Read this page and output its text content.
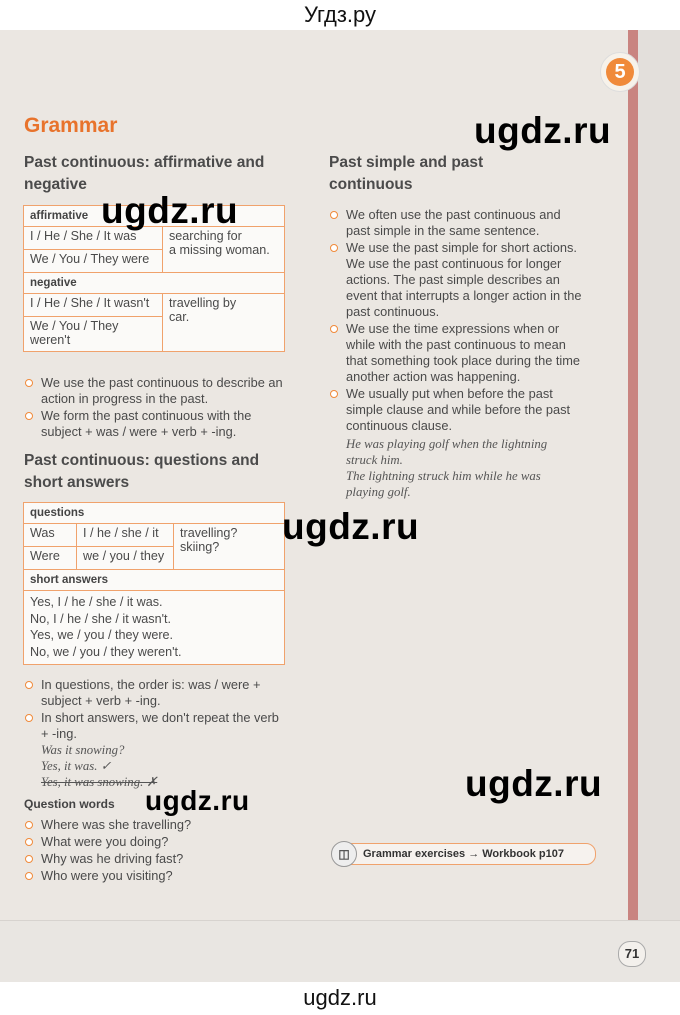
Угдз.ру
5
Grammar
Past continuous: affirmative and
negative
affirmative	
I / He / She / It was	searching for
a missing woman.

We / You / They were	
negative	
I / He / She / It wasn't	travelling by
car.

We / You / They
weren't	
We use the past continuous to describe an
action in progress in the past.
We form the past continuous with the
subject + was / were + verb + -ing.
Past continuous: questions and
short answers
questions		
Was	I / he / she / it	travelling?
skiing?

Were	we / you / they	
short answers		

Yes, I / he / she / it was.
No, I / he / she / it wasn't.
Yes, we / you / they were.
No, we / you / they weren't.		
In questions, the order is: was / were +
subject + verb + -ing.
In short answers, we don't repeat the verb
+ -ing.
Was it snowing?
Yes, it was. ✓
Yes, it was snowing. ✗
Question words
Where was she travelling?
What were you doing?
Why was he driving fast?
Who were you visiting?
Past simple and past
continuous
We often use the past continuous and
past simple in the same sentence.
We use the past simple for short actions.
We use the past continuous for longer
actions. The past simple describes an
event that interrupts a longer action in the
past continuous.
We use the time expressions when or
while with the past continuous to mean
that something took place during the time
another action was happening.
We usually put when before the past
simple clause and while before the past
continuous clause.
He was playing golf when the lightning
struck him.
The lightning struck him while he was
playing golf.
◫	Grammar exercises → Workbook p107
71
ugdz.ru
ugdz.ru
ugdz.ru
ugdz.ru
ugdz.ru
ugdz.ru
